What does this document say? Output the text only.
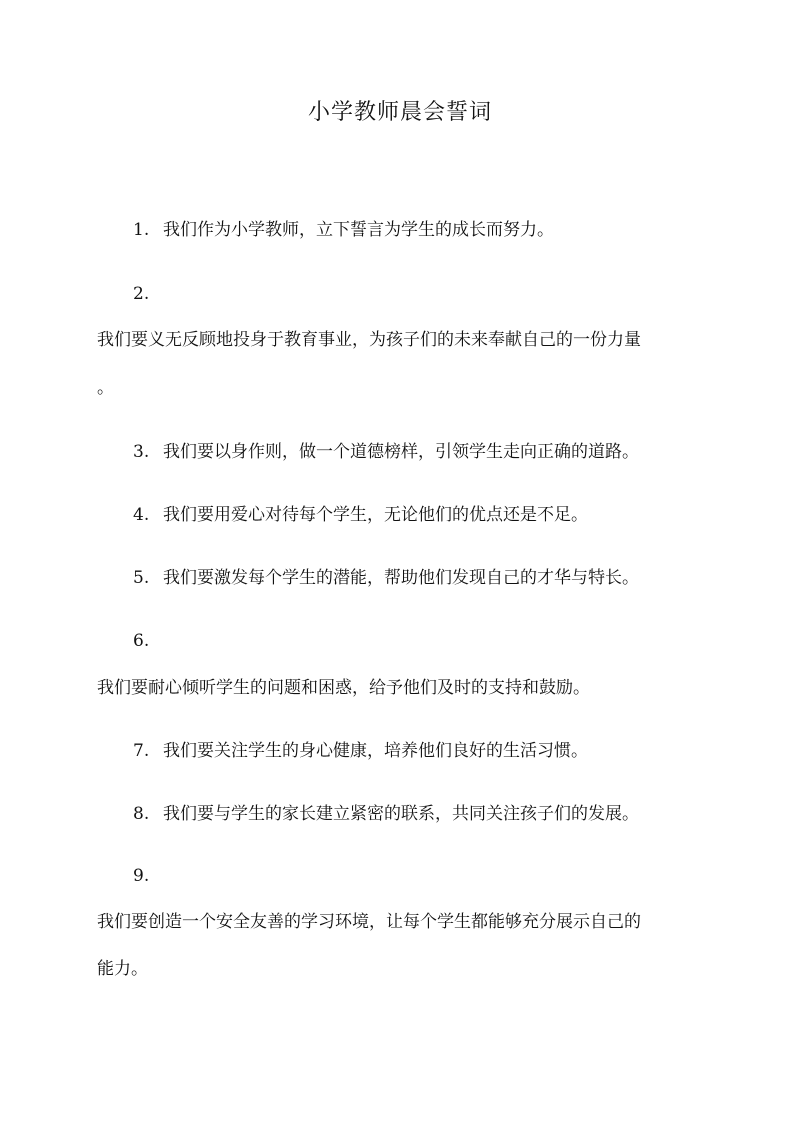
小学教师晨会誓词
1. 我们作为小学教师，立下誓言为学生的成长而努力。
2.
我们要义无反顾地投身于教育事业，为孩子们的未来奉献自己的一份力量
。
3. 我们要以身作则，做一个道德榜样，引领学生走向正确的道路。
4. 我们要用爱心对待每个学生，无论他们的优点还是不足。
5. 我们要激发每个学生的潜能，帮助他们发现自己的才华与特长。
6.
我们要耐心倾听学生的问题和困惑，给予他们及时的支持和鼓励。
7. 我们要关注学生的身心健康，培养他们良好的生活习惯。
8. 我们要与学生的家长建立紧密的联系，共同关注孩子们的发展。
9.
我们要创造一个安全友善的学习环境，让每个学生都能够充分展示自己的
能力。
